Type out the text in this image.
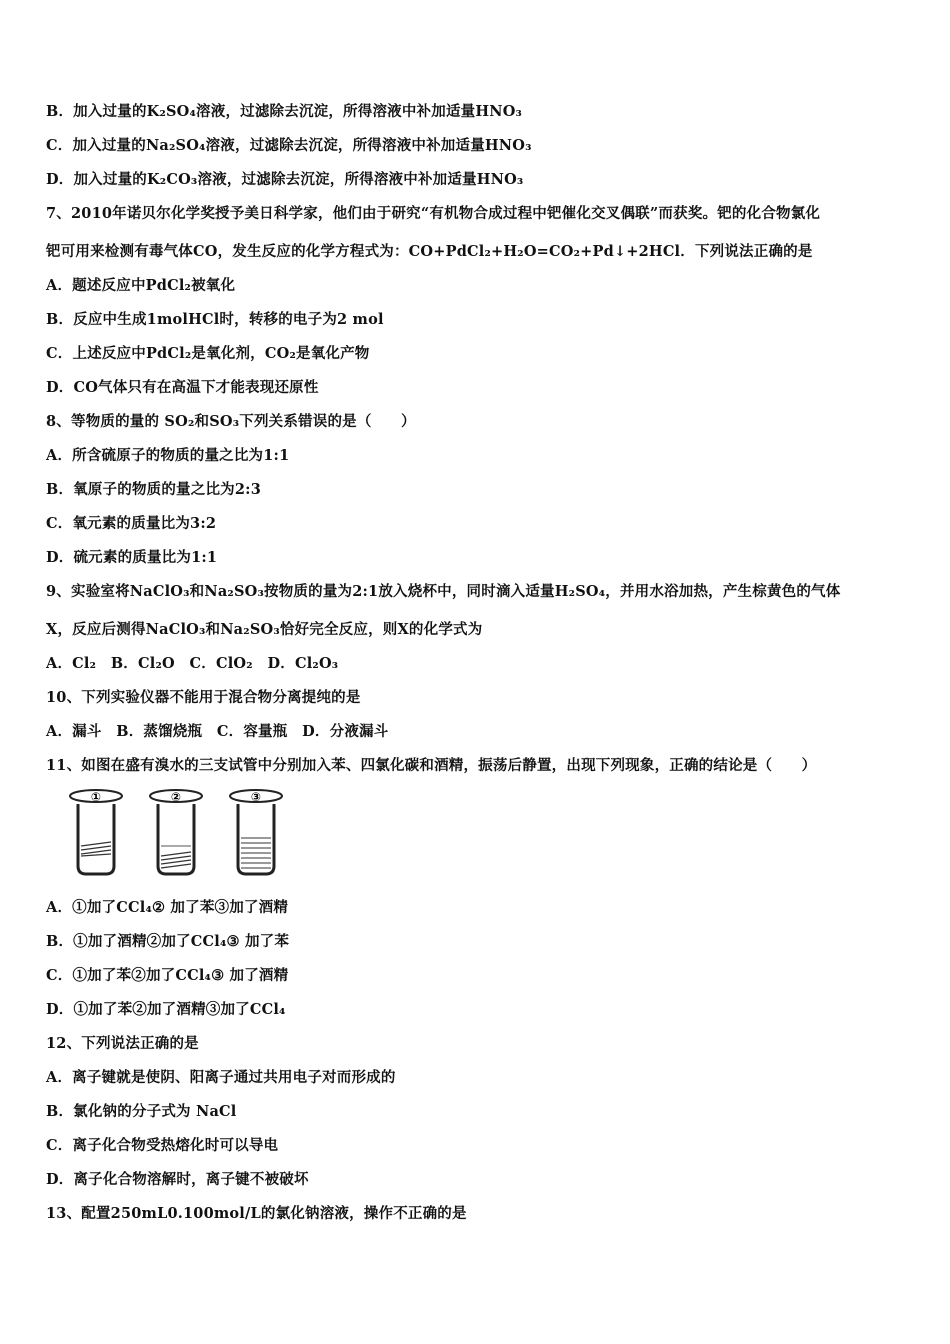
B．加入过量的K₂SO₄溶液，过滤除去沉淀，所得溶液中补加适量HNO₃
C．加入过量的Na₂SO₄溶液，过滤除去沉淀，所得溶液中补加适量HNO₃
D．加入过量的K₂CO₃溶液，过滤除去沉淀，所得溶液中补加适量HNO₃
7、2010年诺贝尔化学奖授予美日科学家，他们由于研究“有机物合成过程中钯催化交叉偶联”而获奖。钯的化合物氯化
钯可用来检测有毒气体CO，发生反应的化学方程式为：CO+PdCl₂+H₂O=CO₂+Pd↓+2HCl．下列说法正确的是
A．题述反应中PdCl₂被氧化
B．反应中生成1molHCl时，转移的电子为2 mol
C．上述反应中PdCl₂是氧化剂，CO₂是氧化产物
D．CO气体只有在高温下才能表现还原性
8、等物质的量的 SO₂和SO₃下列关系错误的是（　　）
A．所含硫原子的物质的量之比为1:1
B．氧原子的物质的量之比为2:3
C．氧元素的质量比为3:2
D．硫元素的质量比为1:1
9、实验室将NaClO₃和Na₂SO₃按物质的量为2:1放入烧杯中，同时滴入适量H₂SO₄，并用水浴加热，产生棕黄色的气体
X，反应后测得NaClO₃和Na₂SO₃恰好完全反应，则X的化学式为
A．Cl₂　B．Cl₂O　C．ClO₂　D．Cl₂O₃
10、下列实验仪器不能用于混合物分离提纯的是
A．漏斗　B．蒸馏烧瓶　C．容量瓶　D．分液漏斗
11、如图在盛有溴水的三支试管中分别加入苯、四氯化碳和酒精，振荡后静置，出现下列现象，正确的结论是（　　）
①	②	③
A．①加了CCl₄② 加了苯③加了酒精
B．①加了酒精②加了CCl₄③ 加了苯
C．①加了苯②加了CCl₄③ 加了酒精
D．①加了苯②加了酒精③加了CCl₄
12、下列说法正确的是
A．离子键就是使阴、阳离子通过共用电子对而形成的
B．氯化钠的分子式为 NaCl
C．离子化合物受热熔化时可以导电
D．离子化合物溶解时，离子键不被破坏
13、配置250mL0.100mol/L的氯化钠溶液，操作不正确的是
